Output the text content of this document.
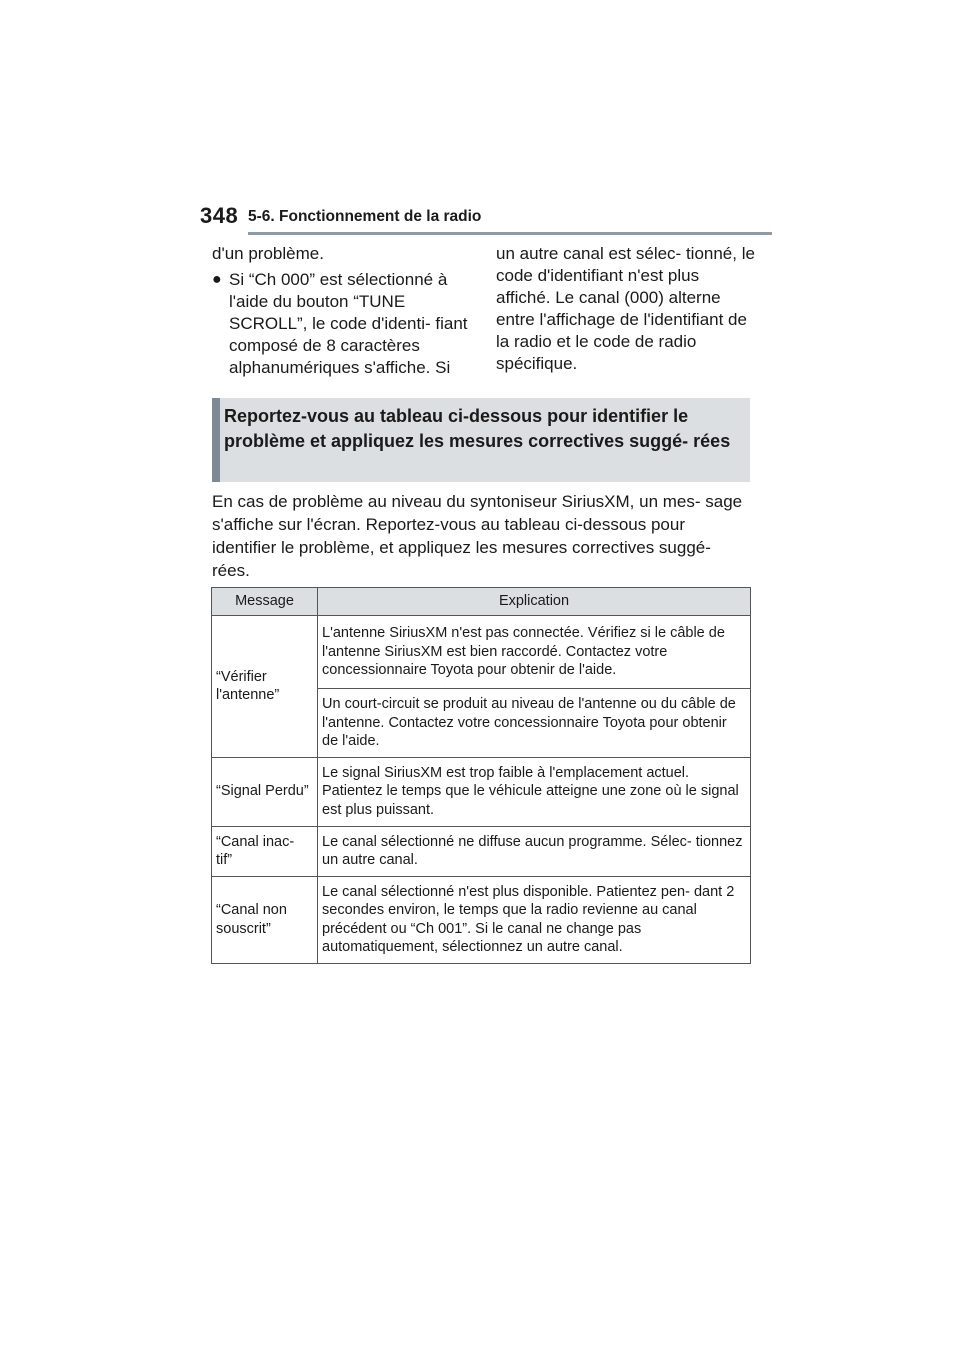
348 5-6. Fonctionnement de la radio

d'un problème.

● Si “Ch 000” est sélectionné à l'aide du bouton “TUNE SCROLL”, le code d'identi- fiant composé de 8 caractères alphanumériques s'affiche. Si

un autre canal est sélec- tionné, le code d'identifiant n'est plus affiché. Le canal (000) alterne entre l'affichage de l'identifiant de la radio et le code de radio spécifique.

Reportez-vous au tableau ci-dessous pour identifier le problème et appliquez les mesures correctives suggé- rées
En cas de problème au niveau du syntoniseur SiriusXM, un mes- sage s'affiche sur l'écran. Reportez-vous au tableau ci-dessous pour identifier le problème, et appliquez les mesures correctives suggé- rées.
Message	Explication
“Vérifier l'antenne”	L'antenne SiriusXM n'est pas connectée. Vérifiez si le câble de l'antenne SiriusXM est bien raccordé. Contactez votre concessionnaire Toyota pour obtenir de l'aide.
	Un court-circuit se produit au niveau de l'antenne ou du câble de l'antenne. Contactez votre concessionnaire Toyota pour obtenir de l'aide.
“Signal Perdu”	Le signal SiriusXM est trop faible à l'emplacement actuel. Patientez le temps que le véhicule atteigne une zone où le signal est plus puissant.
“Canal inac- tif”	Le canal sélectionné ne diffuse aucun programme. Sélec- tionnez un autre canal.
“Canal non souscrit”	Le canal sélectionné n'est plus disponible. Patientez pen- dant 2 secondes environ, le temps que la radio revienne au canal précédent ou “Ch 001”. Si le canal ne change pas automatiquement, sélectionnez un autre canal.
